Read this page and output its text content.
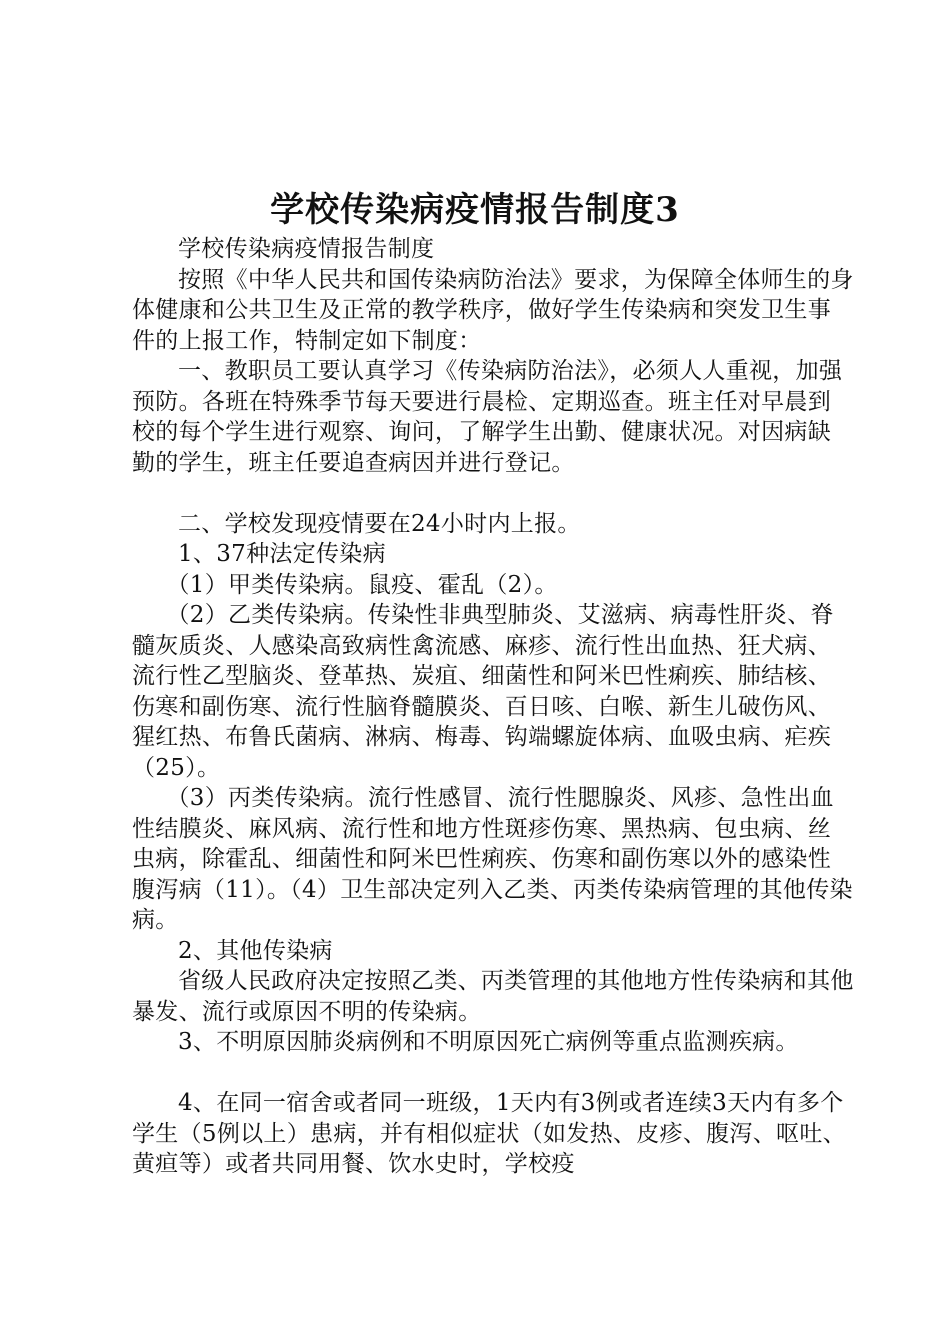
学校传染病疫情报告制度3

学校传染病疫情报告制度

按照《中华人民共和国传染病防治法》要求，为保障全体师生的身体健康和公共卫生及正常的教学秩序，做好学生传染病和突发卫生事件的上报工作，特制定如下制度：

一、教职员工要认真学习《传染病防治法》，必须人人重视，加强预防。各班在特殊季节每天要进行晨检、定期巡查。班主任对早晨到校的每个学生进行观察、询问，了解学生出勤、健康状况。对因病缺勤的学生，班主任要追查病因并进行登记。

二、学校发现疫情要在24小时内上报。

1、37种法定传染病

（1）甲类传染病。鼠疫、霍乱（2）。

（2）乙类传染病。传染性非典型肺炎、艾滋病、病毒性肝炎、脊髓灰质炎、人感染高致病性禽流感、麻疹、流行性出血热、狂犬病、流行性乙型脑炎、登革热、炭疽、细菌性和阿米巴性痢疾、肺结核、伤寒和副伤寒、流行性脑脊髓膜炎、百日咳、白喉、新生儿破伤风、猩红热、布鲁氏菌病、淋病、梅毒、钩端螺旋体病、血吸虫病、疟疾（25）。

（3）丙类传染病。流行性感冒、流行性腮腺炎、风疹、急性出血性结膜炎、麻风病、流行性和地方性斑疹伤寒、黑热病、包虫病、丝虫病，除霍乱、细菌性和阿米巴性痢疾、伤寒和副伤寒以外的感染性腹泻病（11）。（4）卫生部决定列入乙类、丙类传染病管理的其他传染病。

2、其他传染病

省级人民政府决定按照乙类、丙类管理的其他地方性传染病和其他暴发、流行或原因不明的传染病。

3、不明原因肺炎病例和不明原因死亡病例等重点监测疾病。

4、在同一宿舍或者同一班级，1天内有3例或者连续3天内有多个学生（5例以上）患病，并有相似症状（如发热、皮疹、腹泻、呕吐、黄疸等）或者共同用餐、饮水史时，学校疫
